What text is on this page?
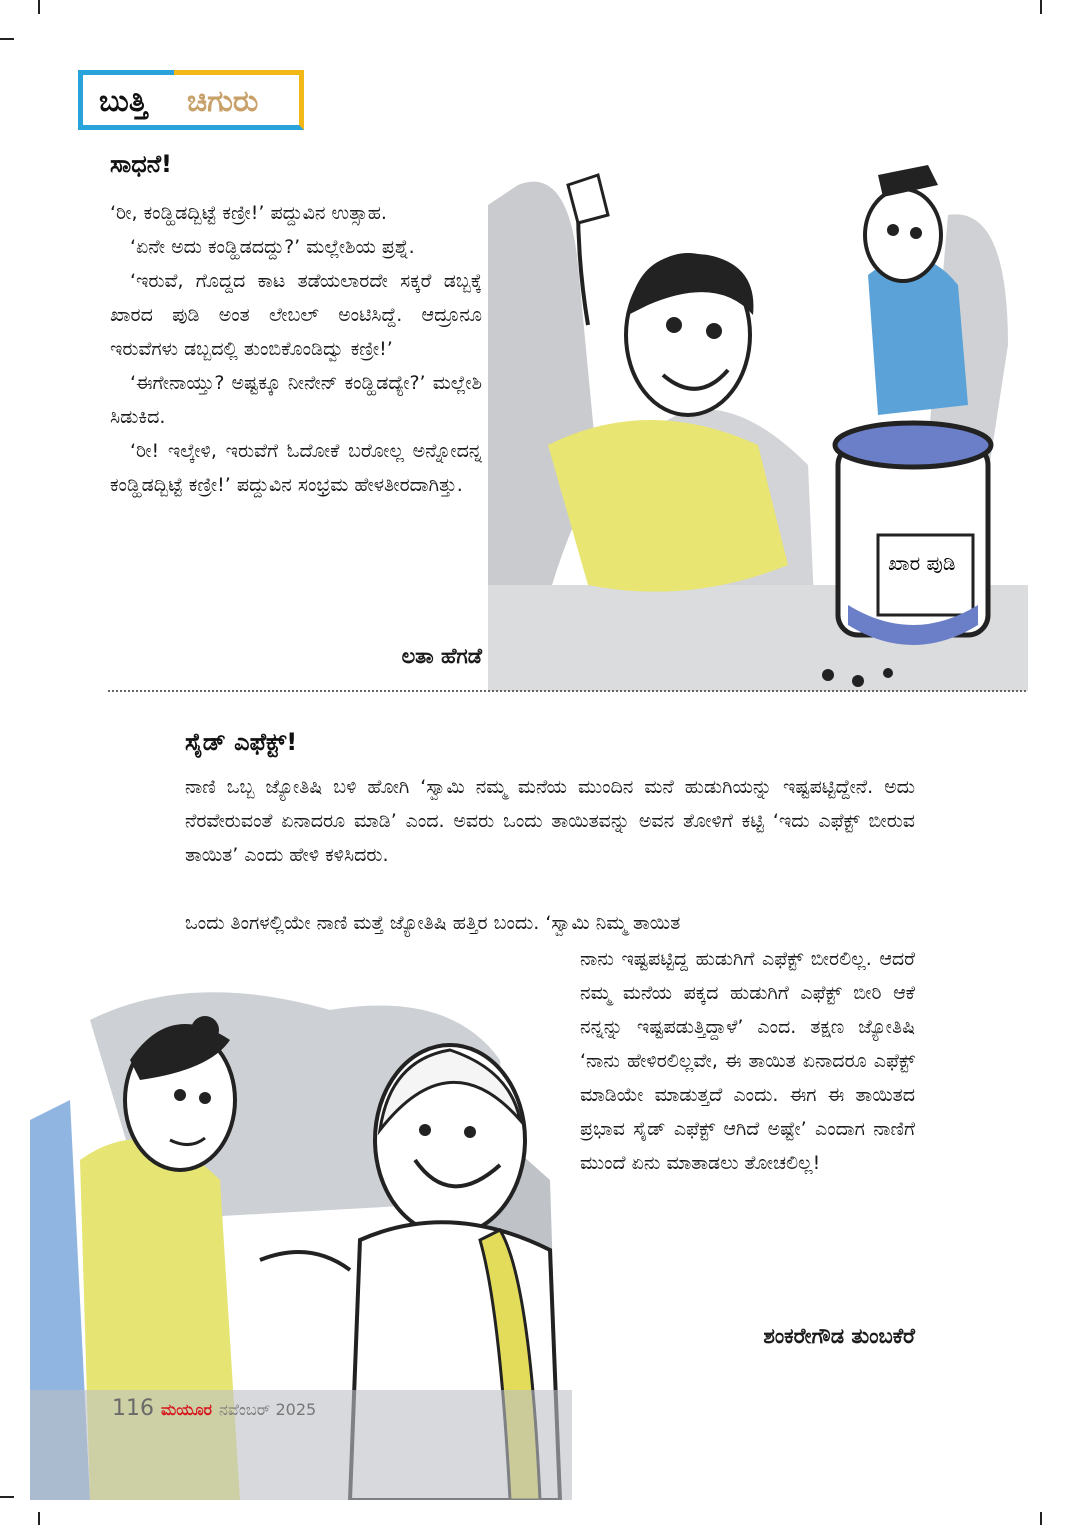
ಬುತ್ತಿ ಚಿಗುರು
ಸಾಧನೆ!

‘ರೀ, ಕಂಡ್ಹಿಡದ್ಬಿಟ್ಟೆ ಕಣ್ರೀ!’ ಪದ್ದುವಿನ ಉತ್ಸಾಹ.

‘ಏನೇ ಅದು ಕಂಡ್ಹಿಡದದ್ದು?’ ಮಲ್ಲೇಶಿಯ ಪ್ರಶ್ನೆ.

‘ಇರುವೆ, ಗೊದ್ದದ ಕಾಟ ತಡೆಯಲಾರದೇ ಸಕ್ಕರೆ ಡಬ್ಬಕ್ಕೆ ಖಾರದ ಪುಡಿ ಅಂತ ಲೇಬಲ್ ಅಂಟಿಸಿದ್ದೆ. ಆದ್ರೂನೂ ಇರುವೆಗಳು ಡಬ್ಬದಲ್ಲಿ ತುಂಬಿಕೊಂಡಿದ್ವು ಕಣ್ರೀ!’

‘ಈಗೇನಾಯ್ತು? ಅಷ್ಟಕ್ಕೂ ನೀನೇನ್ ಕಂಡ್ಹಿಡದ್ಯೇ?’ ಮಲ್ಲೇಶಿ ಸಿಡುಕಿದ.

‘ರೀ! ಇಲ್ಕೇಳಿ, ಇರುವೆಗೆ ಓದೋಕೆ ಬರೋಲ್ಲ ಅನ್ನೋದನ್ನ ಕಂಡ್ಹಿಡದ್ಬಿಟ್ಟೆ ಕಣ್ರೀ!’ ಪದ್ದುವಿನ ಸಂಭ್ರಮ ಹೇಳತೀರದಾಗಿತ್ತು.

ಲತಾ ಹೆಗಡೆ
ಖಾರ ಪುಡಿ
ಸೈಡ್ ಎಫೆಕ್ಟ್!
ನಾಣಿ ಒಬ್ಬ ಜ್ಯೋತಿಷಿ ಬಳಿ ಹೋಗಿ ‘ಸ್ವಾಮಿ ನಮ್ಮ ಮನೆಯ ಮುಂದಿನ ಮನೆ ಹುಡುಗಿಯನ್ನು ಇಷ್ಟಪಟ್ಟಿದ್ದೇನೆ. ಅದು ನೆರವೇರುವಂತೆ ಏನಾದರೂ ಮಾಡಿ’ ಎಂದ. ಅವರು ಒಂದು ತಾಯಿತವನ್ನು ಅವನ ತೋಳಿಗೆ ಕಟ್ಟಿ ‘ಇದು ಎಫೆಕ್ಟ್ ಬೀರುವ ತಾಯಿತ’ ಎಂದು ಹೇಳಿ ಕಳಿಸಿದರು.
ಒಂದು ತಿಂಗಳಲ್ಲಿಯೇ ನಾಣಿ ಮತ್ತೆ ಜ್ಯೋತಿಷಿ ಹತ್ತಿರ ಬಂದು. ‘ಸ್ವಾಮಿ ನಿಮ್ಮ ತಾಯಿತ
ನಾನು ಇಷ್ಟಪಟ್ಟಿದ್ದ ಹುಡುಗಿಗೆ ಎಫೆಕ್ಟ್ ಬೀರಲಿಲ್ಲ. ಆದರೆ ನಮ್ಮ ಮನೆಯ ಪಕ್ಕದ ಹುಡುಗಿಗೆ ಎಫೆಕ್ಟ್ ಬೀರಿ ಆಕೆ ನನ್ನನ್ನು ಇಷ್ಟಪಡುತ್ತಿದ್ದಾಳೆ’ ಎಂದ. ತಕ್ಷಣ ಜ್ಯೋತಿಷಿ ‘ನಾನು ಹೇಳಿರಲಿಲ್ಲವೇ, ಈ ತಾಯಿತ ಏನಾದರೂ ಎಫೆಕ್ಟ್ ಮಾಡಿಯೇ ಮಾಡುತ್ತದೆ ಎಂದು. ಈಗ ಈ ತಾಯಿತದ ಪ್ರಭಾವ ಸೈಡ್ ಎಫೆಕ್ಟ್ ಆಗಿದೆ ಅಷ್ಟೇ’ ಎಂದಾಗ ನಾಣಿಗೆ ಮುಂದೆ ಏನು ಮಾತಾಡಲು ತೋಚಲಿಲ್ಲ!
ಶಂಕರೇಗೌಡ ತುಂಬಕೆರೆ
116 ಮಯೂರ ನವೆಂಬರ್ 2025
